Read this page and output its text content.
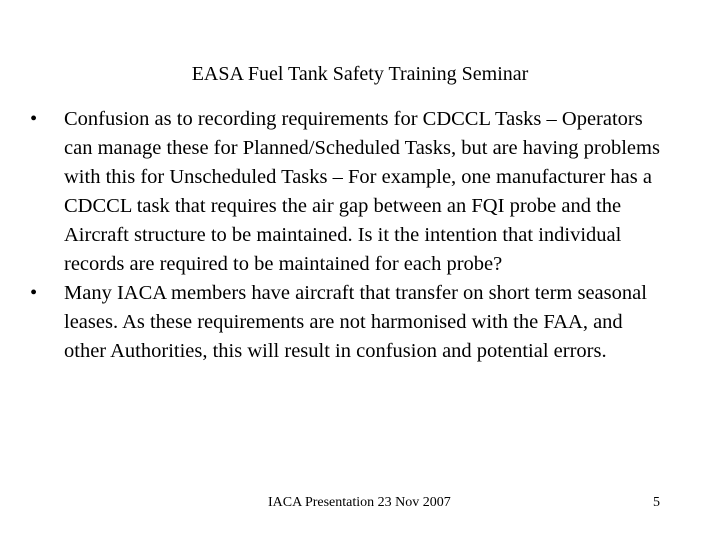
EASA Fuel Tank Safety Training Seminar
•	Confusion as to recording requirements for CDCCL Tasks – Operators can manage these for Planned/Scheduled Tasks, but are having problems with this for Unscheduled Tasks – For example, one manufacturer has a CDCCL task that requires the air gap between an FQI probe and the Aircraft structure to be maintained. Is it the intention that individual records are required to be maintained for each probe?
•	Many IACA members have aircraft that transfer on short term seasonal leases. As these requirements are not harmonised with the FAA, and other Authorities, this will result in confusion and potential errors.
IACA Presentation 23 Nov 2007	5
